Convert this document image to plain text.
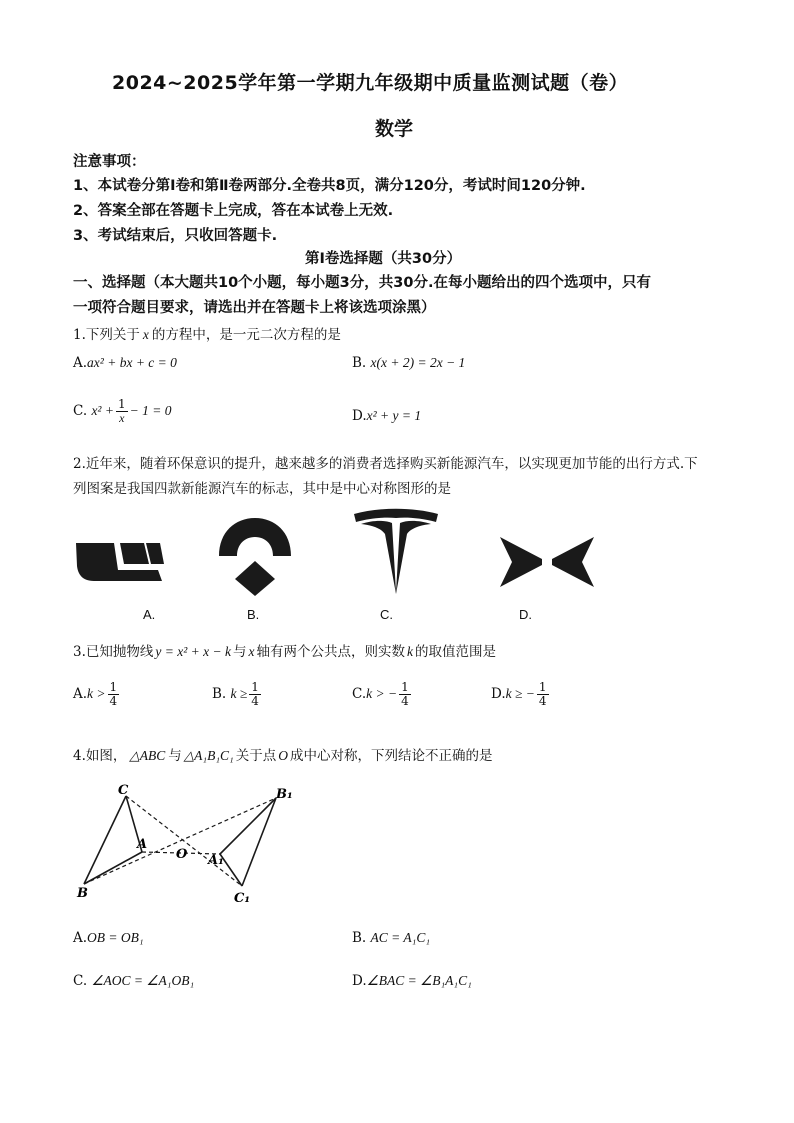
2024~2025学年第一学期九年级期中质量监测试题（卷）
数学
注意事项：
1、本试卷分第Ⅰ卷和第Ⅱ卷两部分.全卷共8页，满分120分，考试时间120分钟.
2、答案全部在答题卡上完成，答在本试卷上无效.
3、考试结束后，只收回答题卡.
第Ⅰ卷选择题（共30分）
一、选择题（本大题共10个小题，每小题3分，共30分.在每小题给出的四个选项中，只有
一项符合题目要求，请选出并在答题卡上将该选项涂黑）
1.下列关于 x 的方程中，是一元二次方程的是
A.ax² + bx + c = 0	B. x(x + 2) = 2x − 1
C. $x^2 + \frac{1}{x} - 1 = 0$	D.x² + y = 1
2.近年来，随着环保意识的提升，越来越多的消费者选择购买新能源汽车，以实现更加节能的出行方式.下
列图案是我国四款新能源汽车的标志，其中是中心对称图形的是
A.	B.	C.	D.
3.已知抛物线 y = x² + x − k 与 x 轴有两个公共点，则实数 k 的取值范围是
$A.k > \frac{1}{4}$	B. $k \ge \frac{1}{4}$	C.k > − $\frac{1}{4}$	D.k ≥ − $\frac{1}{4}$
4.如图， △ABC 与 △A₁B₁C₁ 关于点 O 成中心对称，下列结论不正确的是
C
A
B
O
B₁
A₁
C₁
A.OB = OB₁	B. AC = A₁C₁
C. ∠AOC = ∠A₁OB₁	D.∠BAC = ∠B₁A₁C₁
